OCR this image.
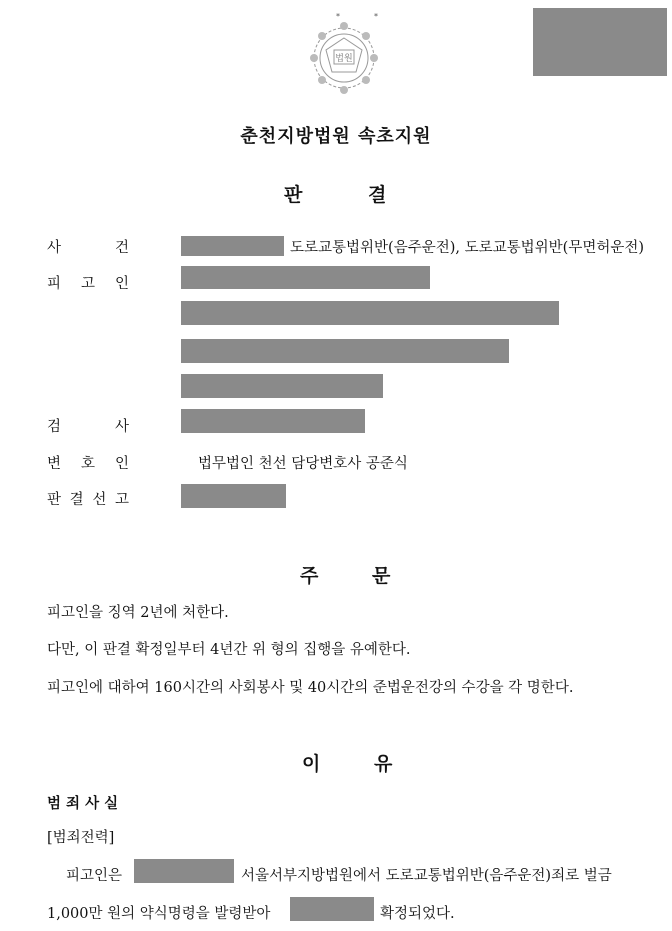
*	*
법원
춘천지방법원 속초지원
판	결
사	건	도로교통법위반(음주운전), 도로교통법위반(무면허운전)
피 고 인
검	사
변 호 인	법무법인 천선 담당변호사 공준식
판 결 선 고
주	문
피고인을 징역 2년에 처한다.
다만, 이 판결 확정일부터 4년간 위 형의 집행을 유예한다.
피고인에 대하여 160시간의 사회봉사 및 40시간의 준법운전강의 수강을 각 명한다.
이	유
범 죄 사 실
[범죄전력]
피고인은	서울서부지방법원에서 도로교통법위반(음주운전)죄로 벌금
1,000만 원의 약식명령을 발령받아	확정되었다.
